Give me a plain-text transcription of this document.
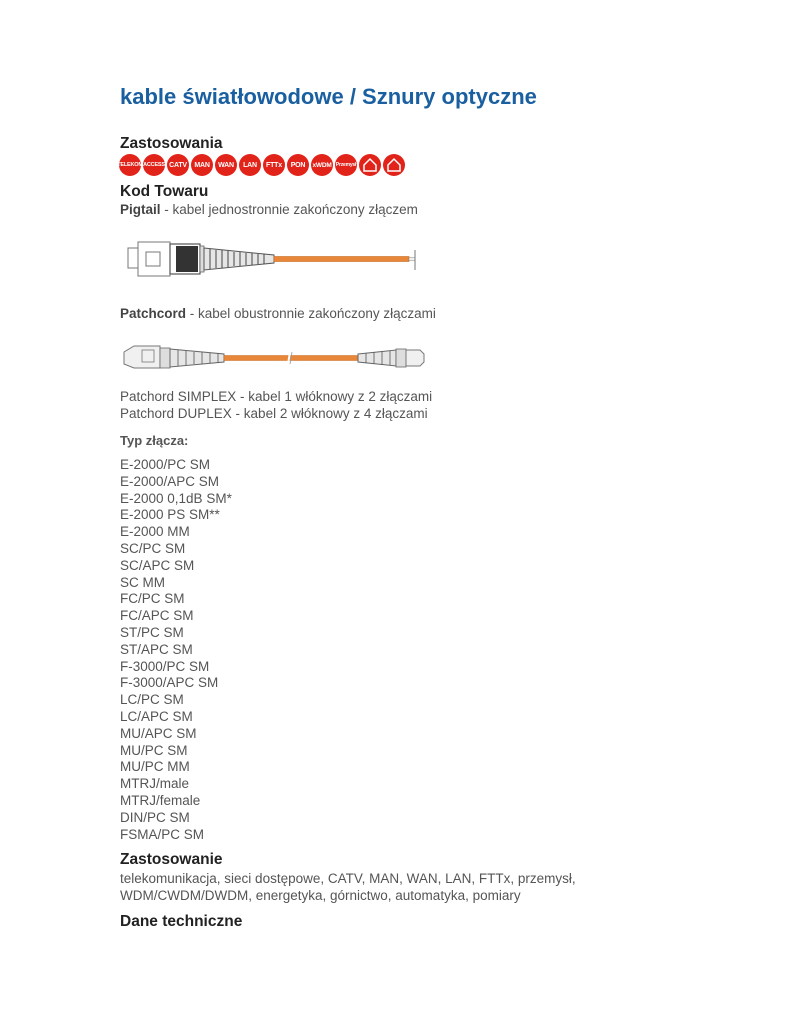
kable światłowodowe / Sznury optyczne
Zastosowania
TELEKOM ACCESS CATV	MAN	WAN	LAN	FTTx	PON	xWDM Przemysł
Kod Towaru
Pigtail - kabel jednostronnie zakończony złączem
Patchcord - kabel obustronnie zakończony złączami
Patchord SIMPLEX - kabel 1 włóknowy z 2 złączami
Patchord DUPLEX - kabel 2 włóknowy z 4 złączami
Typ złącza:
E-2000/PC SM
E-2000/APC SM
E-2000 0,1dB SM*
E-2000 PS SM**
E-2000 MM
SC/PC SM
SC/APC SM
SC MM
FC/PC SM
FC/APC SM
ST/PC SM
ST/APC SM
F-3000/PC SM
F-3000/APC SM
LC/PC SM
LC/APC SM
MU/APC SM
MU/PC SM
MU/PC MM
MTRJ/male
MTRJ/female
DIN/PC SM
FSMA/PC SM
Zastosowanie
telekomunikacja, sieci dostępowe, CATV, MAN, WAN, LAN, FTTx, przemysł,
WDM/CWDM/DWDM, energetyka, górnictwo, automatyka, pomiary
Dane techniczne
